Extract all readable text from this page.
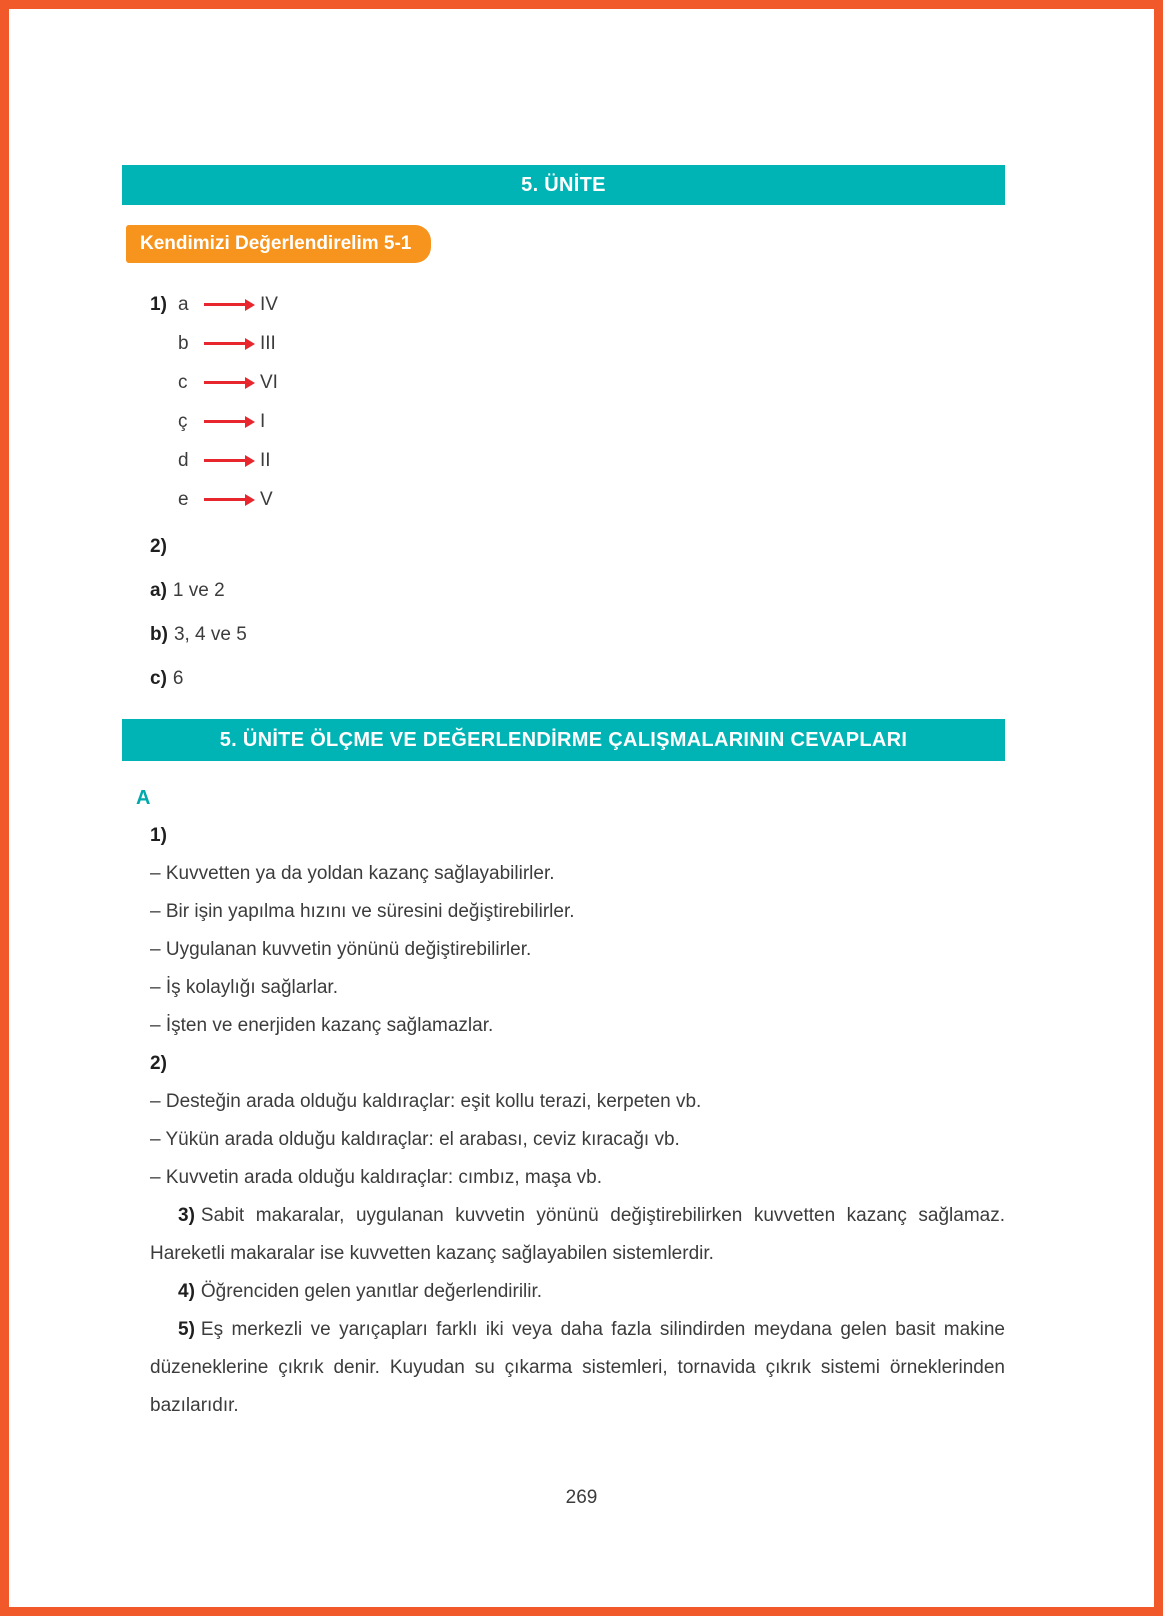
5. ÜNİTE
Kendimizi Değerlendirelim 5-1
1) a	IV
b	III
c	VI
ç	I
d	II
e	V
2)
a) 1 ve 2
b) 3, 4 ve 5
c) 6
5. ÜNİTE ÖLÇME VE DEĞERLENDİRME ÇALIŞMALARININ CEVAPLARI
A

1)

– Kuvvetten ya da yoldan kazanç sağlayabilirler.

– Bir işin yapılma hızını ve süresini değiştirebilirler.

– Uygulanan kuvvetin yönünü değiştirebilirler.

– İş kolaylığı sağlarlar.

– İşten ve enerjiden kazanç sağlamazlar.

2)

– Desteğin arada olduğu kaldıraçlar: eşit kollu terazi, kerpeten vb.

– Yükün arada olduğu kaldıraçlar: el arabası, ceviz kıracağı vb.

– Kuvvetin arada olduğu kaldıraçlar: cımbız, maşa vb.

3) Sabit makaralar, uygulanan kuvvetin yönünü değiştirebilirken kuvvetten kazanç sağlamaz. Hareketli makaralar ise kuvvetten kazanç sağlayabilen sistemlerdir.

4) Öğrenciden gelen yanıtlar değerlendirilir.

5) Eş merkezli ve yarıçapları farklı iki veya daha fazla silindirden meydana gelen basit makine düzeneklerine çıkrık denir. Kuyudan su çıkarma sistemleri, tornavida çıkrık sistemi örneklerinden bazılarıdır.

269
